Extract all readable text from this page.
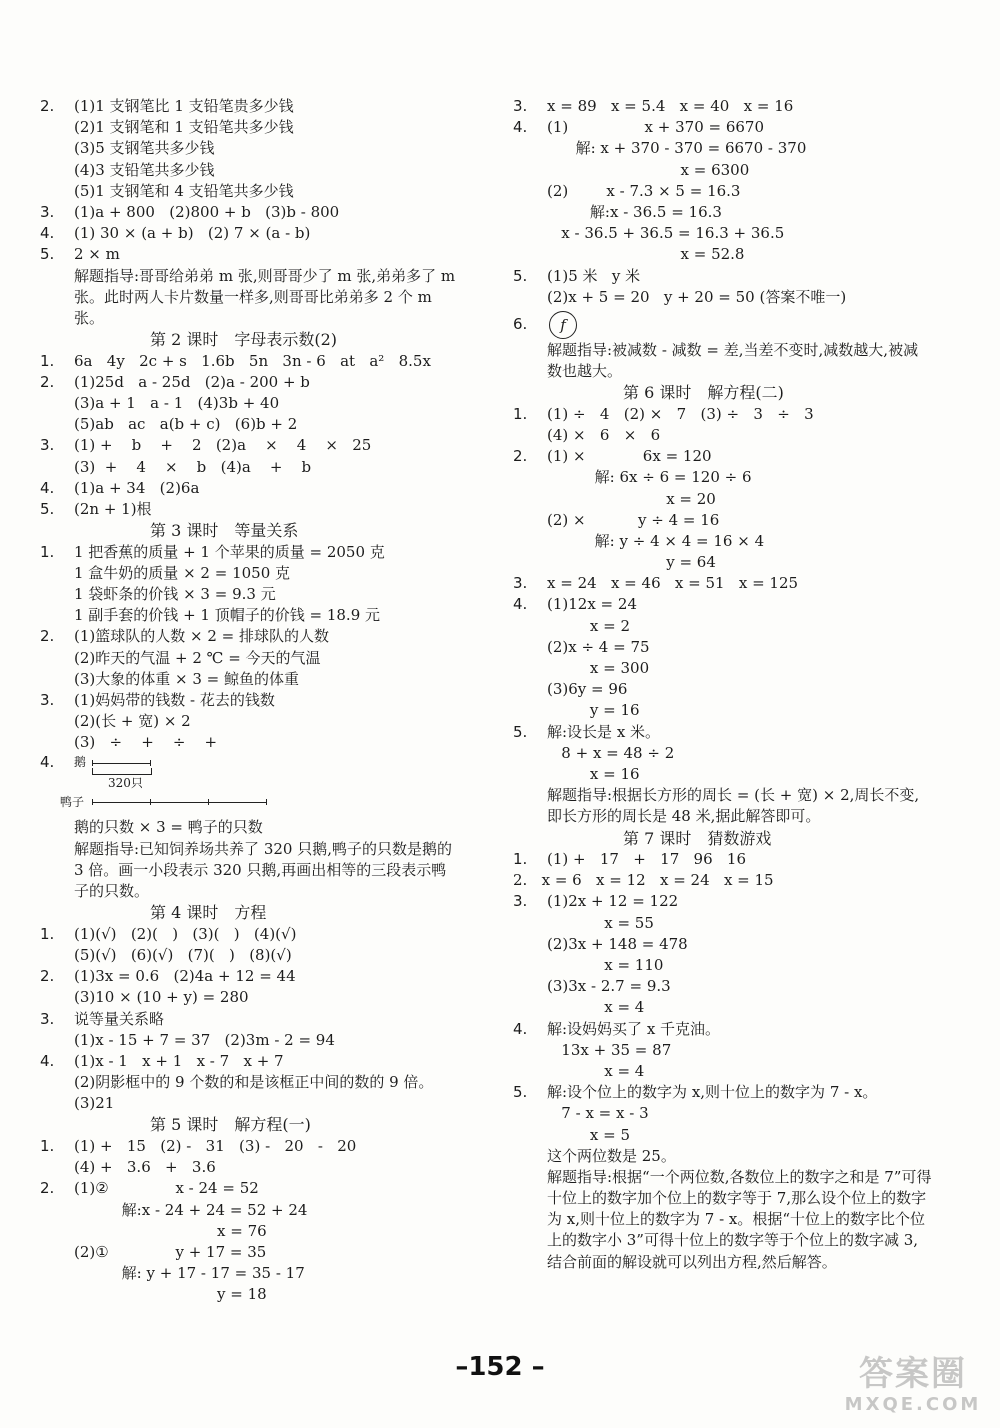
2. (1)1 支钢笔比 1 支铅笔贵多少钱
(2)1 支钢笔和 1 支铅笔共多少钱
(3)5 支钢笔共多少钱
(4)3 支铅笔共多少钱
(5)1 支钢笔和 4 支铅笔共多少钱
3. (1)a + 800   (2)800 + b   (3)b - 800
4. (1) 30 × (a + b)   (2) 7 × (a - b)
5. 2 × m
解题指导:哥哥给弟弟 m 张,则哥哥少了 m 张,弟弟多了 m 张。此时两人卡片数量一样多,则哥哥比弟弟多 2 个 m 张。
第 2 课时　字母表示数(2)
1. 6a   4y   2c + s   1.6b   5n   3n - 6   at   a²   8.5x
2. (1)25d   a - 25d   (2)a - 200 + b
(3)a + 1   a - 1   (4)3b + 40
(5)ab   ac   a(b + c)   (6)b + 2
3. (1) +    b    +    2   (2)a    ×    4    ×   25
(3)  +    4    ×    b   (4)a    +    b
4. (1)a + 34   (2)6a
5. (2n + 1)根
第 3 课时　等量关系
1. 1 把香蕉的质量 + 1 个苹果的质量 = 2050 克
1 盒牛奶的质量 × 2 = 1050 克
1 袋虾条的价钱 × 3 = 9.3 元
1 副手套的价钱 + 1 顶帽子的价钱 = 18.9 元
2. (1)篮球队的人数 × 2 = 排球队的人数
(2)昨天的气温 + 2 ℃ = 今天的气温
(3)大象的体重 × 3 = 鲸鱼的体重
3. (1)妈妈带的钱数 - 花去的钱数
(2)(长 + 宽) × 2
(3)   ÷    +    ÷    +
4.	鹅
320只
鸭子
鹅的只数 × 3 = 鸭子的只数
解题指导:已知饲养场共养了 320 只鹅,鸭子的只数是鹅的 3 倍。画一小段表示 320 只鹅,再画出相等的三段表示鸭子的只数。
第 4 课时　方程
1. (1)(√)   (2)(   )   (3)(   )   (4)(√)
(5)(√)   (6)(√)   (7)(   )   (8)(√)
2. (1)3x = 0.6   (2)4a + 12 = 44
(3)10 × (10 + y) = 280
3. 说等量关系略
(1)x - 15 + 7 = 37   (2)3m - 2 = 94
4. (1)x - 1   x + 1   x - 7   x + 7
(2)阴影框中的 9 个数的和是该框正中间的数的 9 倍。
(3)21
第 5 课时　解方程(一)
1. (1) +   15   (2) -   31   (3) -   20   -   20
(4) +   3.6   +   3.6
2. (1)②              x - 24 = 52
解:x - 24 + 24 = 52 + 24
x = 76
(2)①              y + 17 = 35
解: y + 17 - 17 = 35 - 17
y = 18
3. x = 89   x = 5.4   x = 40   x = 16
4. (1)                x + 370 = 6670
解: x + 370 - 370 = 6670 - 370
x = 6300
(2)        x - 7.3 × 5 = 16.3
解:x - 36.5 = 16.3
x - 36.5 + 36.5 = 16.3 + 36.5
x = 52.8
5. (1)5 米   y 米
(2)x + 5 = 20   y + 20 = 50 (答案不唯一)
6. f
解题指导:被减数 - 减数 = 差,当差不变时,减数越大,被减数也越大。
第 6 课时　解方程(二)
1. (1) ÷   4   (2) ×   7   (3) ÷   3   ÷   3
(4) ×   6   ×   6
2. (1) ×            6x = 120
解: 6x ÷ 6 = 120 ÷ 6
x = 20
(2) ×           y ÷ 4 = 16
解: y ÷ 4 × 4 = 16 × 4
y = 64
3. x = 24   x = 46   x = 51   x = 125
4. (1)12x = 24
x = 2
(2)x ÷ 4 = 75
x = 300
(3)6y = 96
y = 16
5. 解:设长是 x 米。
8 + x = 48 ÷ 2
x = 16
解题指导:根据长方形的周长 = (长 + 宽) × 2,周长不变,即长方形的周长是 48 米,据此解答即可。
第 7 课时　猜数游戏
1. (1) +   17   +   17   96   16
2.   x = 6   x = 12   x = 24   x = 15
3. (1)2x + 12 = 122
x = 55
(2)3x + 148 = 478
x = 110
(3)3x - 2.7 = 9.3
x = 4
4. 解:设妈妈买了 x 千克油。
13x + 35 = 87
x = 4
5. 解:设个位上的数字为 x,则十位上的数字为 7 - x。
7 - x = x - 3
x = 5
这个两位数是 25。
解题指导:根据“一个两位数,各数位上的数字之和是 7”可得十位上的数字加个位上的数字等于 7,那么设个位上的数字为 x,则十位上的数字为 7 - x。根据“十位上的数字比个位上的数字小 3”可得十位上的数字等于个位上的数字减 3,结合前面的解设就可以列出方程,然后解答。
–152 –	答案圈
MXQE.COM
